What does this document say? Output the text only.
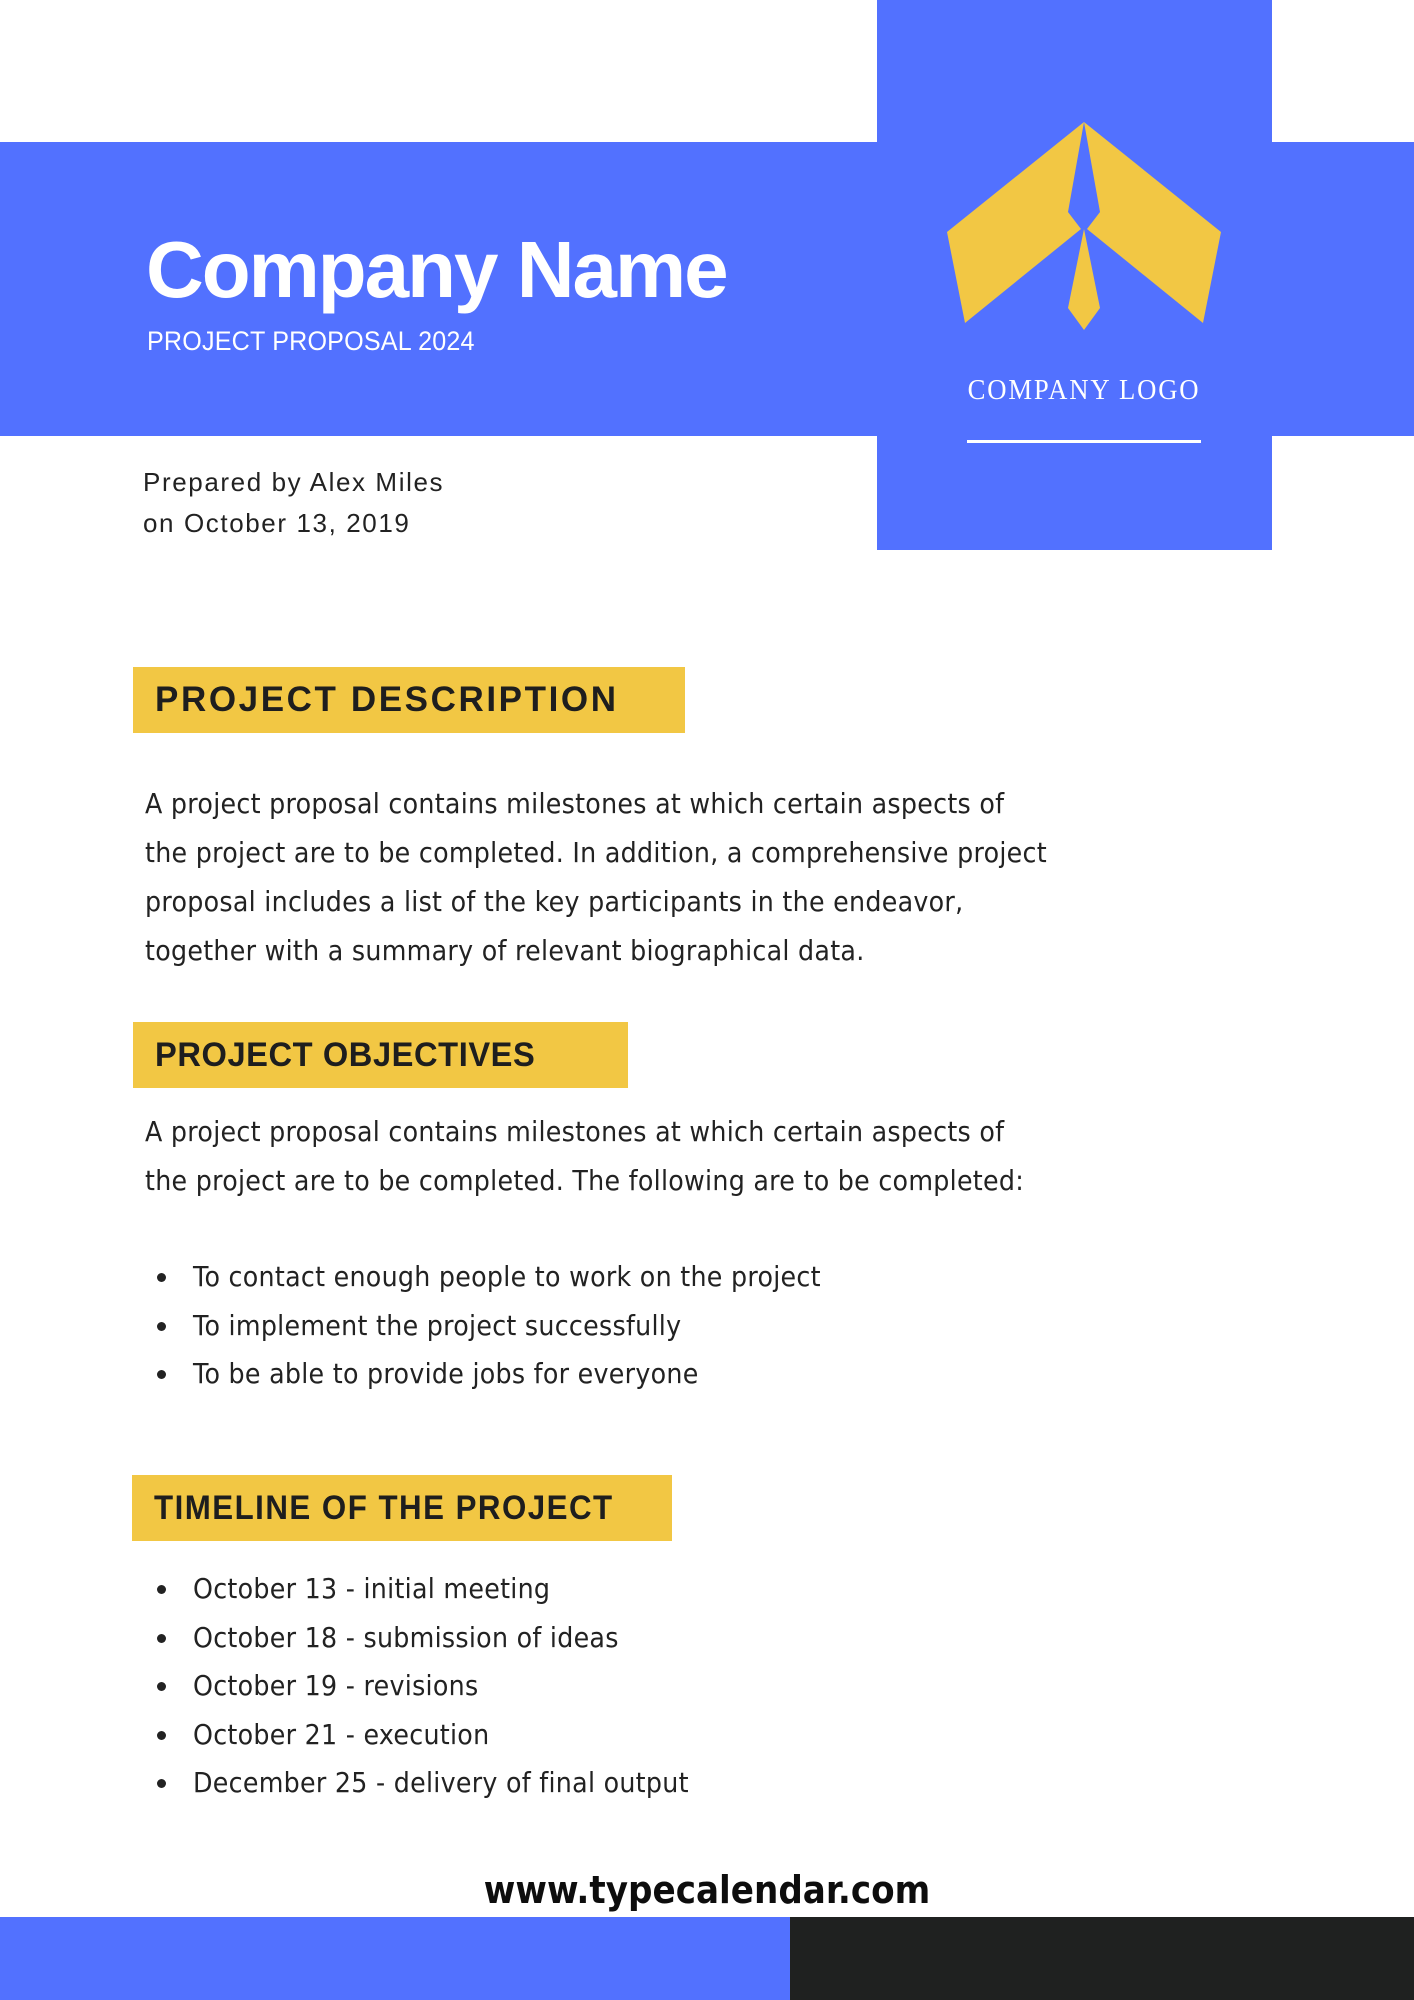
Company Name
PROJECT PROPOSAL 2024
COMPANY LOGO
Prepared by Alex Miles
on October 13, 2019
PROJECT DESCRIPTION
A project proposal contains milestones at which certain aspects of
the project are to be completed. In addition, a comprehensive project
proposal includes a list of the key participants in the endeavor,
together with a summary of relevant biographical data.
PROJECT OBJECTIVES
A project proposal contains milestones at which certain aspects of
the project are to be completed. The following are to be completed:
To contact enough people to work on the project
To implement the project successfully
To be able to provide jobs for everyone
TIMELINE OF THE PROJECT
October 13 - initial meeting
October 18 - submission of ideas
October 19 - revisions
October 21 - execution
December 25 - delivery of final output
www.typecalendar.com
